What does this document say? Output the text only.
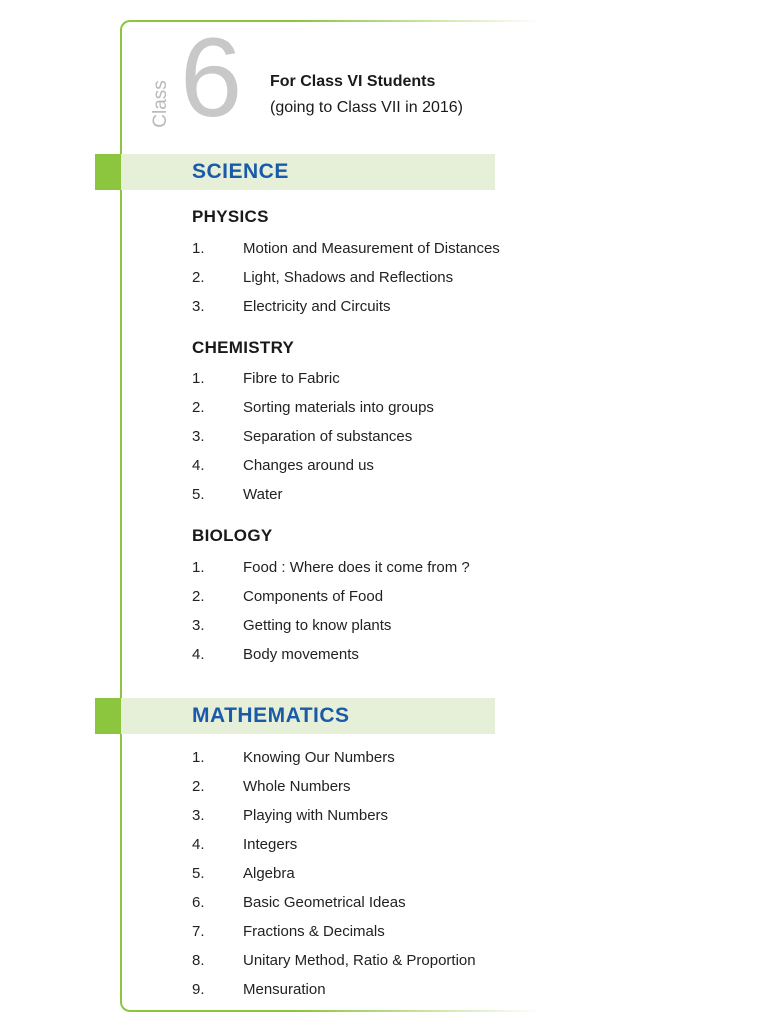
Class 6 For Class VI Students
(going to Class VII in 2016)
SCIENCE
PHYSICS
1.	Motion and Measurement of Distances
2.	Light, Shadows and Reflections
3.	Electricity and Circuits
CHEMISTRY
1.	Fibre to Fabric
2.	Sorting materials into groups
3.	Separation of substances
4.	Changes around us
5.	Water
BIOLOGY
1.	Food : Where does it come from ?
2.	Components of Food
3.	Getting to know plants
4.	Body movements
MATHEMATICS
1.	Knowing Our Numbers
2.	Whole Numbers
3.	Playing with Numbers
4.	Integers
5.	Algebra
6.	Basic Geometrical Ideas
7.	Fractions & Decimals
8.	Unitary Method, Ratio & Proportion
9.	Mensuration
